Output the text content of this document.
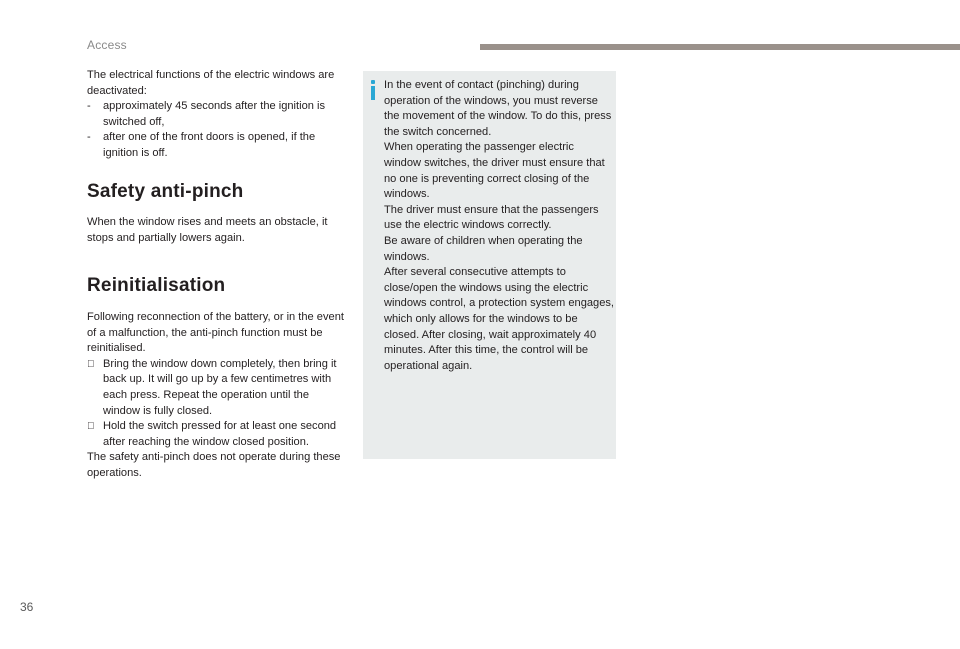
Access

The electrical functions of the electric windows are deactivated:

-	approximately 45 seconds after the ignition is switched off,
-	after one of the front doors is opened, if the ignition is off.
Safety anti-pinch

When the window rises and meets an obstacle, it stops and partially lowers again.

Reinitialisation

Following reconnection of the battery, or in the event of a malfunction, the anti-pinch function must be reinitialised.

Bring the window down completely, then bring it back up. It will go up by a few centimetres with each press. Repeat the operation until the window is fully closed.
Hold the switch pressed for at least one second after reaching the window closed position.

The safety anti-pinch does not operate during these operations.

In the event of contact (pinching) during operation of the windows, you must reverse the movement of the window. To do this, press the switch concerned.

When operating the passenger electric window switches, the driver must ensure that no one is preventing correct closing of the windows.

The driver must ensure that the passengers use the electric windows correctly.

Be aware of children when operating the windows.

After several consecutive attempts to close/open the windows using the electric windows control, a protection system engages, which only allows for the windows to be closed. After closing, wait approximately 40 minutes. After this time, the control will be operational again.

36
